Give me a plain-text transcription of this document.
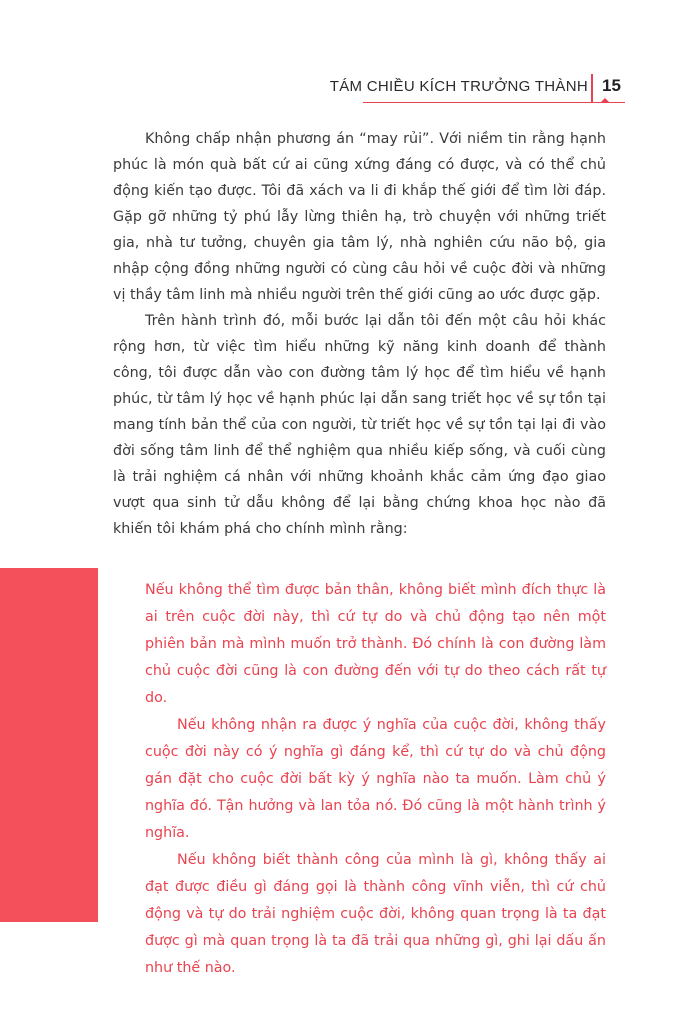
TÁM CHIỀU KÍCH TRƯỞNG THÀNH 15

Không chấp nhận phương án “may rủi”. Với niềm tin rằng hạnh phúc là món quà bất cứ ai cũng xứng đáng có được, và có thể chủ động kiến tạo được. Tôi đã xách va li đi khắp thế giới để tìm lời đáp. Gặp gỡ những tỷ phú lẫy lừng thiên hạ, trò chuyện với những triết gia, nhà tư tưởng, chuyên gia tâm lý, nhà nghiên cứu não bộ, gia nhập cộng đồng những người có cùng câu hỏi về cuộc đời và những vị thầy tâm linh mà nhiều người trên thế giới cũng ao ước được gặp.

Trên hành trình đó, mỗi bước lại dẫn tôi đến một câu hỏi khác rộng hơn, từ việc tìm hiểu những kỹ năng kinh doanh để thành công, tôi được dẫn vào con đường tâm lý học để tìm hiểu về hạnh phúc, từ tâm lý học về hạnh phúc lại dẫn sang triết học về sự tồn tại mang tính bản thể của con người, từ triết học về sự tồn tại lại đi vào đời sống tâm linh để thể nghiệm qua nhiều kiếp sống, và cuối cùng là trải nghiệm cá nhân với những khoảnh khắc cảm ứng đạo giao vượt qua sinh tử dẫu không để lại bằng chứng khoa học nào đã khiến tôi khám phá cho chính mình rằng:

Nếu không thể tìm được bản thân, không biết mình đích thực là ai trên cuộc đời này, thì cứ tự do và chủ động tạo nên một phiên bản mà mình muốn trở thành. Đó chính là con đường làm chủ cuộc đời cũng là con đường đến với tự do theo cách rất tự do.

Nếu không nhận ra được ý nghĩa của cuộc đời, không thấy cuộc đời này có ý nghĩa gì đáng kể, thì cứ tự do và chủ động gán đặt cho cuộc đời bất kỳ ý nghĩa nào ta muốn. Làm chủ ý nghĩa đó. Tận hưởng và lan tỏa nó. Đó cũng là một hành trình ý nghĩa.

Nếu không biết thành công của mình là gì, không thấy ai đạt được điều gì đáng gọi là thành công vĩnh viễn, thì cứ chủ động và tự do trải nghiệm cuộc đời, không quan trọng là ta đạt được gì mà quan trọng là ta đã trải qua những gì, ghi lại dấu ấn như thế nào.
